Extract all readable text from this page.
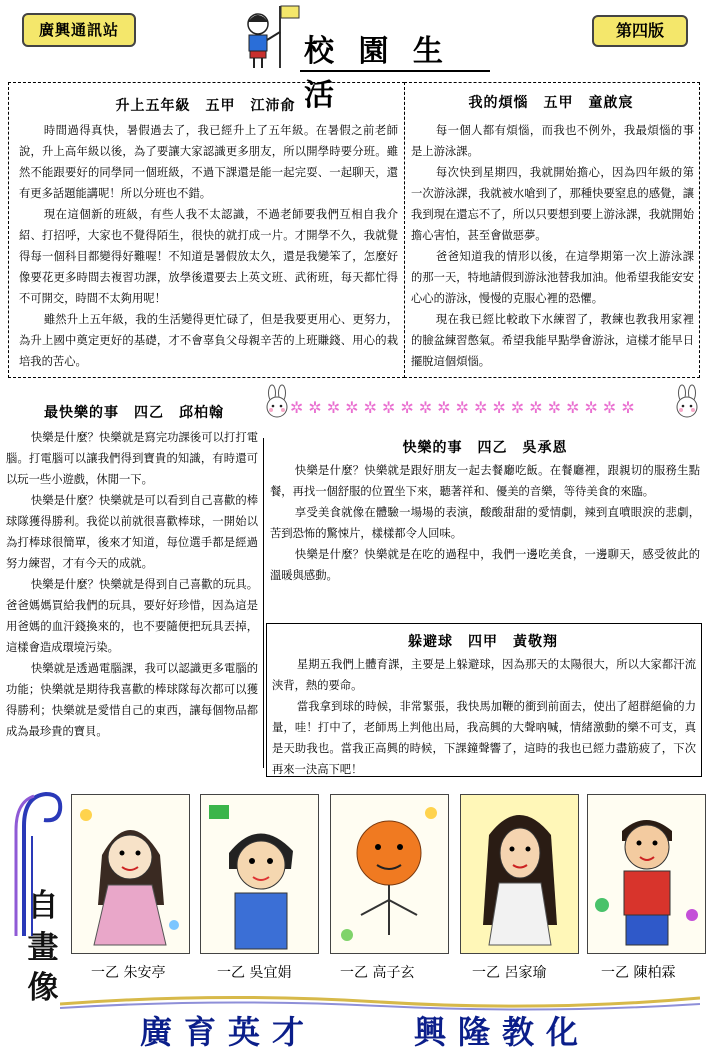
廣興通訊站
校 園 生 活
第四版
升上五年級　五甲　江沛俞

時間過得真快，暑假過去了，我已經升上了五年級。在暑假之前老師說，升上高年級以後，為了要讓大家認識更多朋友，所以開學時要分班。雖然不能跟要好的同學同一個班級，不過下課還是能一起完耍、一起聊天，還有更多話題能講呢！所以分班也不錯。

現在這個新的班級，有些人我不太認識，不過老師要我們互相自我介紹、打招呼，大家也不覺得陌生，很快的就打成一片。才開學不久，我就覺得每一個科目都變得好難喔！不知道是暑假放太久，還是我變笨了，怎麼好像要花更多時間去複習功課，放學後還要去上英文班、武術班，每天都忙得不可開交，時間不太夠用呢！

雖然升上五年級，我的生活變得更忙碌了，但是我要更用心、更努力，為升上國中奠定更好的基礎，才不會辜負父母親辛苦的上班賺錢、用心的栽培我的苦心。

我的煩惱　五甲　童啟宸

每一個人都有煩惱，而我也不例外，我最煩惱的事是上游泳課。

每次快到星期四，我就開始擔心，因為四年級的第一次游泳課，我就被水嗆到了，那種快要窒息的感覺，讓我到現在還忘不了，所以只要想到要上游泳課，我就開始擔心害怕，甚至會做惡夢。

爸爸知道我的情形以後，在這學期第一次上游泳課的那一天，特地請假到游泳池替我加油。他希望我能安安心心的游泳，慢慢的克服心裡的恐懼。

現在我已經比較敢下水練習了，教練也教我用家裡的臉盆練習憋氣。希望我能早點學會游泳，這樣才能早日擺脫這個煩惱。

最快樂的事　四乙　邱柏翰

快樂是什麼？快樂就是寫完功課後可以打打電腦。打電腦可以讓我們得到寶貴的知識，有時還可以玩一些小遊戲，休閒一下。

快樂是什麼？快樂就是可以看到自己喜歡的棒球隊獲得勝利。我從以前就很喜歡棒球，一開始以為打棒球很簡單，後來才知道，每位選手都是經過努力練習，才有今天的成就。

快樂是什麼？快樂就是得到自己喜歡的玩具。爸爸媽媽買給我們的玩具，要好好珍惜，因為這是用爸媽的血汗錢換來的，也不要隨便把玩具丟掉，這樣會造成環境污染。

快樂就是透過電腦課，我可以認識更多電腦的功能；快樂就是期待我喜歡的棒球隊每次都可以獲得勝利；快樂就是愛惜自己的東西，讓每個物品都成為最珍貴的寶貝。

✲✲✲✲✲✲✲✲✲✲✲✲✲✲✲✲✲✲✲
快樂的事　四乙　吳承恩

快樂是什麼？快樂就是跟好朋友一起去餐廳吃飯。在餐廳裡，跟親切的服務生點餐，再找一個舒服的位置坐下來，聽著祥和、優美的音樂，等待美食的來臨。

享受美食就像在體驗一場場的表演，酸酸甜甜的愛情劇，辣到直噴眼淚的悲劇，苦到恐怖的驚悚片，樣樣都令人回味。

快樂是什麼？快樂就是在吃的過程中，我們一邊吃美食，一邊聊天，感受彼此的溫暖與感動。

躲避球　四甲　黃敬翔

星期五我們上體育課，主要是上躲避球，因為那天的太陽很大，所以大家都汗流浹背，熱的要命。

當我拿到球的時候，非常緊張，我快馬加鞭的衝到前面去，使出了超群絕倫的力量，哇！打中了，老師馬上判他出局，我高興的大聲吶喊，情緒激動的樂不可支，真是天助我也。當我正高興的時候，下課鐘聲響了，這時的我也已經力盡筋疲了，下次再來一決高下吧！

自
畫
像	一乙 朱安亭	一乙 吳宜娟	一乙 高子玄	一乙 呂家瑜	一乙 陳柏霖
廣育英才	興隆教化
